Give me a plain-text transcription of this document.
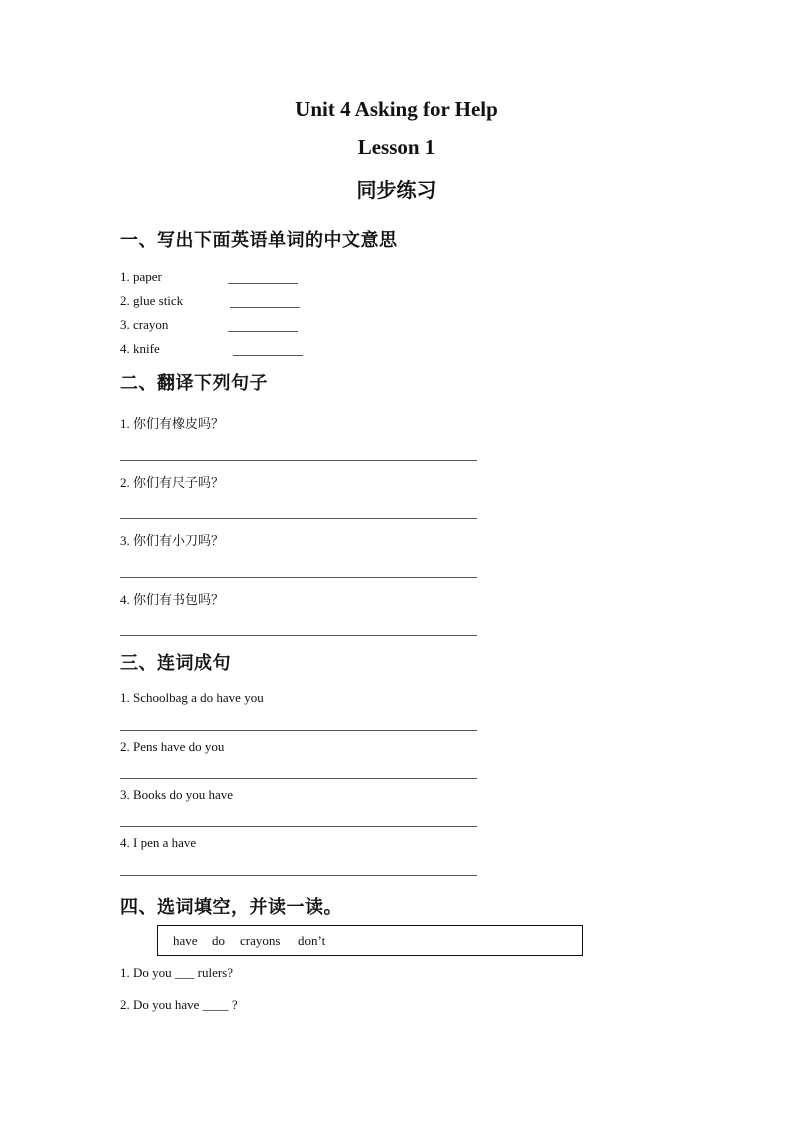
Unit 4 Asking for Help
Lesson 1
同步练习
一、写出下面英语单词的中文意思
1. paper
2. glue stick
3. crayon
4. knife
二、翻译下列句子
1. 你们有橡皮吗？
2. 你们有尺子吗？
3. 你们有小刀吗？
4. 你们有书包吗？
三、连词成句
1. Schoolbag a do have you
2. Pens have do you
3. Books do you have
4. I pen a have
四、选词填空，并读一读。
have do crayons don’t
1. Do you ___ rulers?
2. Do you have ____ ?
